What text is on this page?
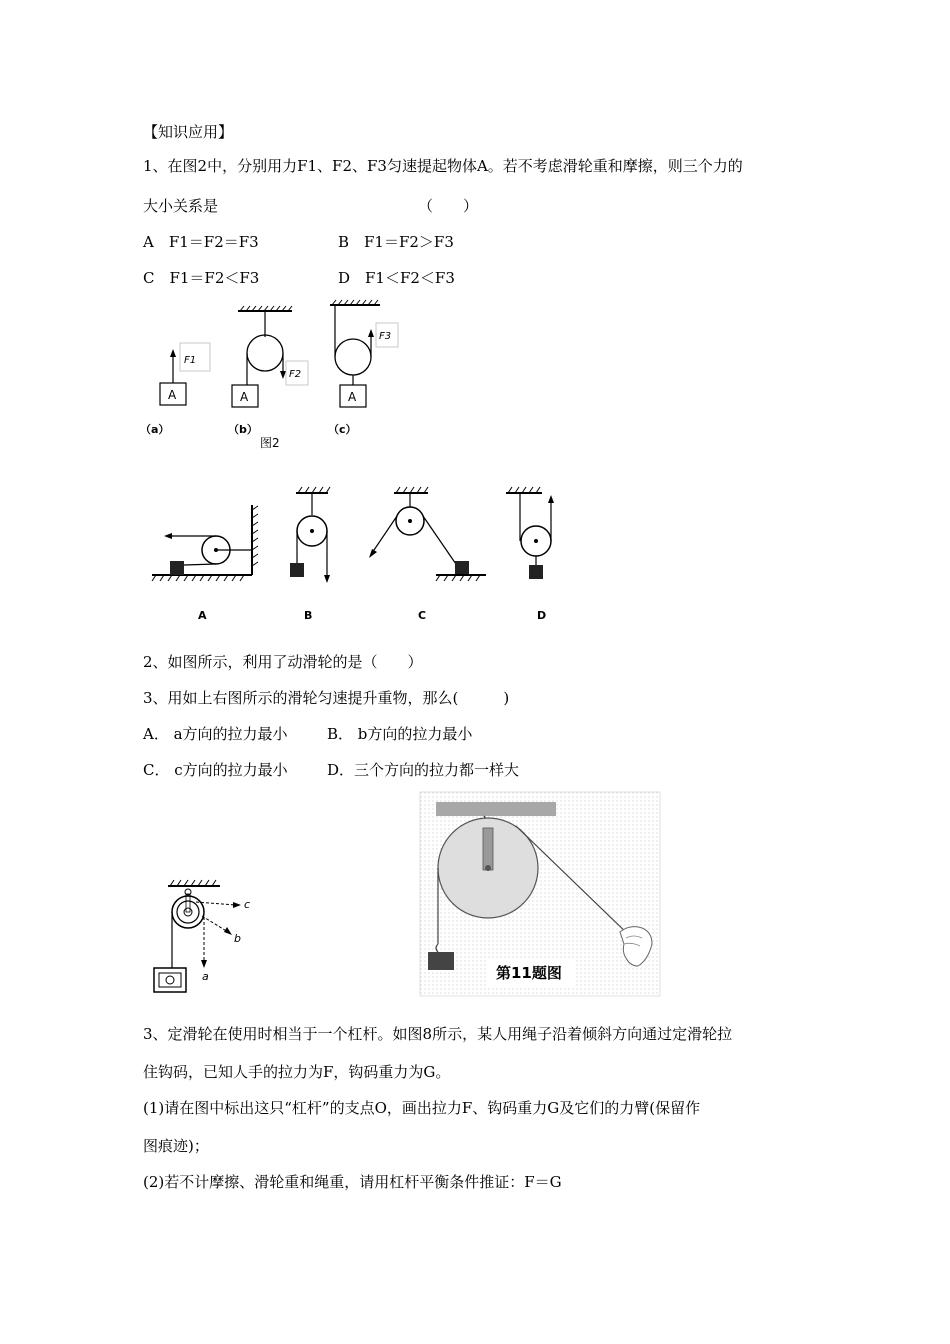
【知识应用】
1、在图2中，分别用力F1、F2、F3匀速提起物体A。若不考虑滑轮重和摩擦，则三个力的
大小关系是	（　　）
A　F1＝F2＝F3	B　F1＝F2＞F3
C　F1＝F2＜F3	D　F1＜F2＜F3
A
F1
A
F2
A
F3
（a）	（b）	（c）
图2
A	B	C	D
2、如图所示，利用了动滑轮的是（　　）
3、用如上右图所示的滑轮匀速提升重物，那么(　　　)
A． a方向的拉力最小	B． b方向的拉力最小
C． c方向的拉力最小	D．三个方向的拉力都一样大
c
b
a	第11题图
3、定滑轮在使用时相当于一个杠杆。如图8所示，某人用绳子沿着倾斜方向通过定滑轮拉
住钩码，已知人手的拉力为F，钩码重力为G。
(1)请在图中标出这只“杠杆”的支点O，画出拉力F、钩码重力G及它们的力臂(保留作
图痕迹)；
(2)若不计摩擦、滑轮重和绳重，请用杠杆平衡条件推证：F＝G
